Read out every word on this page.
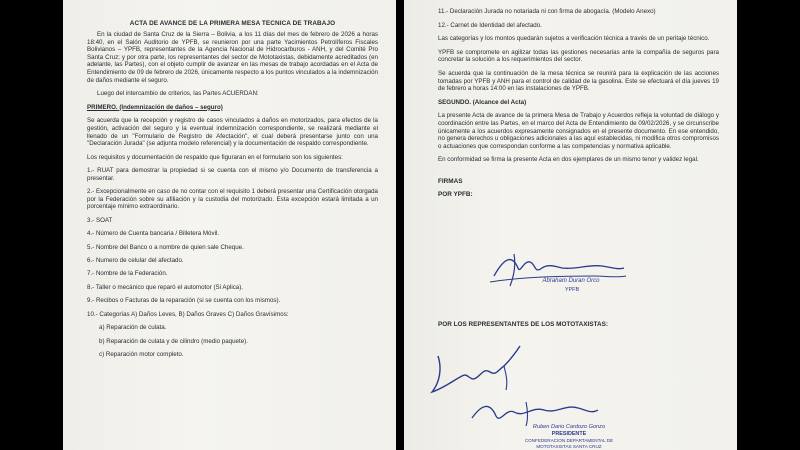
ACTA DE AVANCE DE LA PRIMERA MESA TECNICA DE TRABAJO

En la ciudad de Santa Cruz de la Sierra – Bolivia, a los 11 días del mes de febrero de 2026 a horas 18:40, en el Salón Auditorio de YPFB, se reunieron por una parte Yacimientos Petrolíferos Fiscales Bolivianos – YPFB, representantes de la Agencia Nacional de Hidrocarburos - ANH, y del Comité Pro Santa Cruz; y por otra parte, los representantes del sector de Mototaxistas, debidamente acreditados (en adelante, las Partes), con el objeto cumplir de avanzar en las mesas de trabajo acordadas en el Acta de Entendimiento de 09 de febrero de 2026, únicamente respecto a los puntos vinculados a la indemnización de daños mediante el seguro.

Luego del intercambio de criterios, las Partes ACUERDAN:

PRIMERO. (Indemnización de daños – seguro)

Se acuerda que la recepción y registro de casos vinculados a daños en motorizados, para efectos de la gestión, activación del seguro y la eventual indemnización correspondiente, se realizará mediante el llenado de un "Formulario de Registro de Afectación", el cual deberá presentarse junto con una "Declaración Jurada" (se adjunta modelo referencial) y la documentación de respaldo correspondiente.

Los requisitos y documentación de respaldo que figuraran en el formulario son los siguientes:

1.- RUAT para demostrar la propiedad si se cuenta con el mismo y/o Documento de transferencia a presentar.

2.- Excepcionalmente en caso de no contar con el requisito 1 deberá presentar una Certificación otorgada por la Federación sobre su afiliación y la custodia del motorizado. Esta excepción estará limitada a un porcentaje mínimo extraordinario.

3.- SOAT

4.- Número de Cuenta bancaria / Billetera Móvil.

5.- Nombre del Banco o a nombre de quien sale Cheque.

6.- Numero de celular del afectado.

7.- Nombre de la Federación.

8.- Taller o mecánico que reparó el automotor (Si Aplica).

9.- Recibos o Facturas de la reparación (si se cuenta con los mismos).

10.- Categorías A) Daños Leves, B) Daños Graves C) Daños Gravísimos:

a) Reparación de culata.

b) Reparación de culata y de cilindro (medio paquete).

c) Reparación motor completo.

11.- Declaración Jurada no notariada ni con firma de abogacía. (Modelo Anexo)

12.- Carnet de Identidad del afectado.

Las categorías y los montos quedarán sujetos a verificación técnica a través de un peritaje técnico.

YPFB se compromete en agilizar todas las gestiones necesarias ante la compañía de seguros para concretar la solución a los requerimientos del sector.

Se acuerda que la continuación de la mesa técnica se reunirá para la explicación de las acciones tomadas por YPFB y ANH para el control de calidad de la gasolina. Este se efectuará el día jueves 19 de febrero a horas 14:00 en las instalaciones de YPFB.

SEGUNDO. (Alcance del Acta)

La presente Acta de avance de la primera Mesa de Trabajo y Acuerdos refleja la voluntad de diálogo y coordinación entre las Partes, en el marco del Acta de Entendimiento de 09/02/2026, y se circunscribe únicamente a los acuerdos expresamente consignados en el presente documento. En ese entendido, no genera derechos u obligaciones adicionales a las aquí establecidas, ni modifica otros compromisos o actuaciones que correspondan conforme a las competencias y normativa aplicable.

En conformidad se firma la presente Acta en dos ejemplares de un mismo tenor y validez legal.

FIRMAS

POR YPFB:

Abraham Duran Orco
YPFB

POR LOS REPRESENTANTES DE LOS MOTOTAXISTAS:

Ruben Dario Cardozo Gonzo
PRESIDENTE
CONFEDERACION DEPARTAMENTAL DE
MOTOTAXISTAS SANTA CRUZ
